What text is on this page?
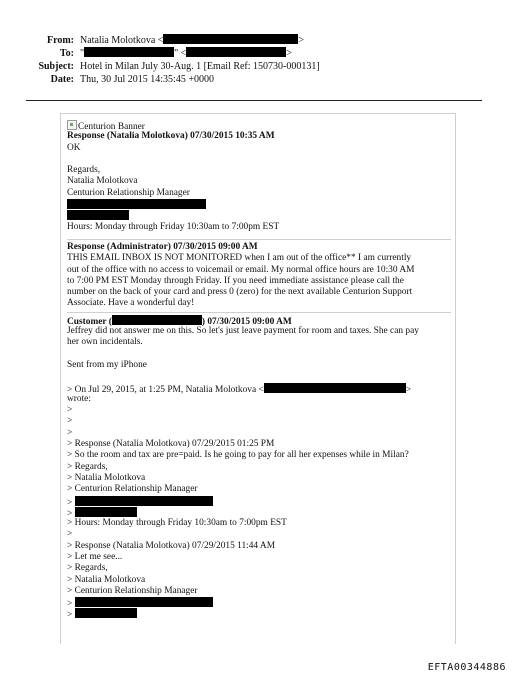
From: Natalia Molotkova <	>
To: "	" <	>
Subject: Hotel in Milan July 30-Aug. 1 [Email Ref: 150730-000131]
Date: Thu, 30 Jul 2015 14:35:45 +0000
Centurion Banner
Response (Natalia Molotkova) 07/30/2015 10:35 AM
OK
Regards,
Natalia Molotkova
Centurion Relationship Manager
Hours: Monday through Friday 10:30am to 7:00pm EST
Response (Administrator) 07/30/2015 09:00 AM
THIS EMAIL INBOX IS NOT MONITORED when I am out of the office** I am currently
out of the office with no access to voicemail or email. My normal office hours are 10:30 AM
to 7:00 PM EST Monday through Friday. If you need immediate assistance please call the
number on the back of your card and press 0 (zero) for the next available Centurion Support
Associate. Have a wonderful day!
Customer (	) 07/30/2015 09:00 AM
Jeffrey did not answer me on this. So let's just leave payment for room and taxes. She can pay
her own incidentals.
Sent from my iPhone
> On Jul 29, 2015, at 1:25 PM, Natalia Molotkova <	>
wrote:
>
>
>
> Response (Natalia Molotkova) 07/29/2015 01:25 PM
> So the room and tax are pre=paid. Is he going to pay for all her expenses while in Milan?
> Regards,
> Natalia Molotkova
> Centurion Relationship Manager
>
>
> Hours: Monday through Friday 10:30am to 7:00pm EST
>
> Response (Natalia Molotkova) 07/29/2015 11:44 AM
> Let me see...
> Regards,
> Natalia Molotkova
> Centurion Relationship Manager
>
>
EFTA00344886
